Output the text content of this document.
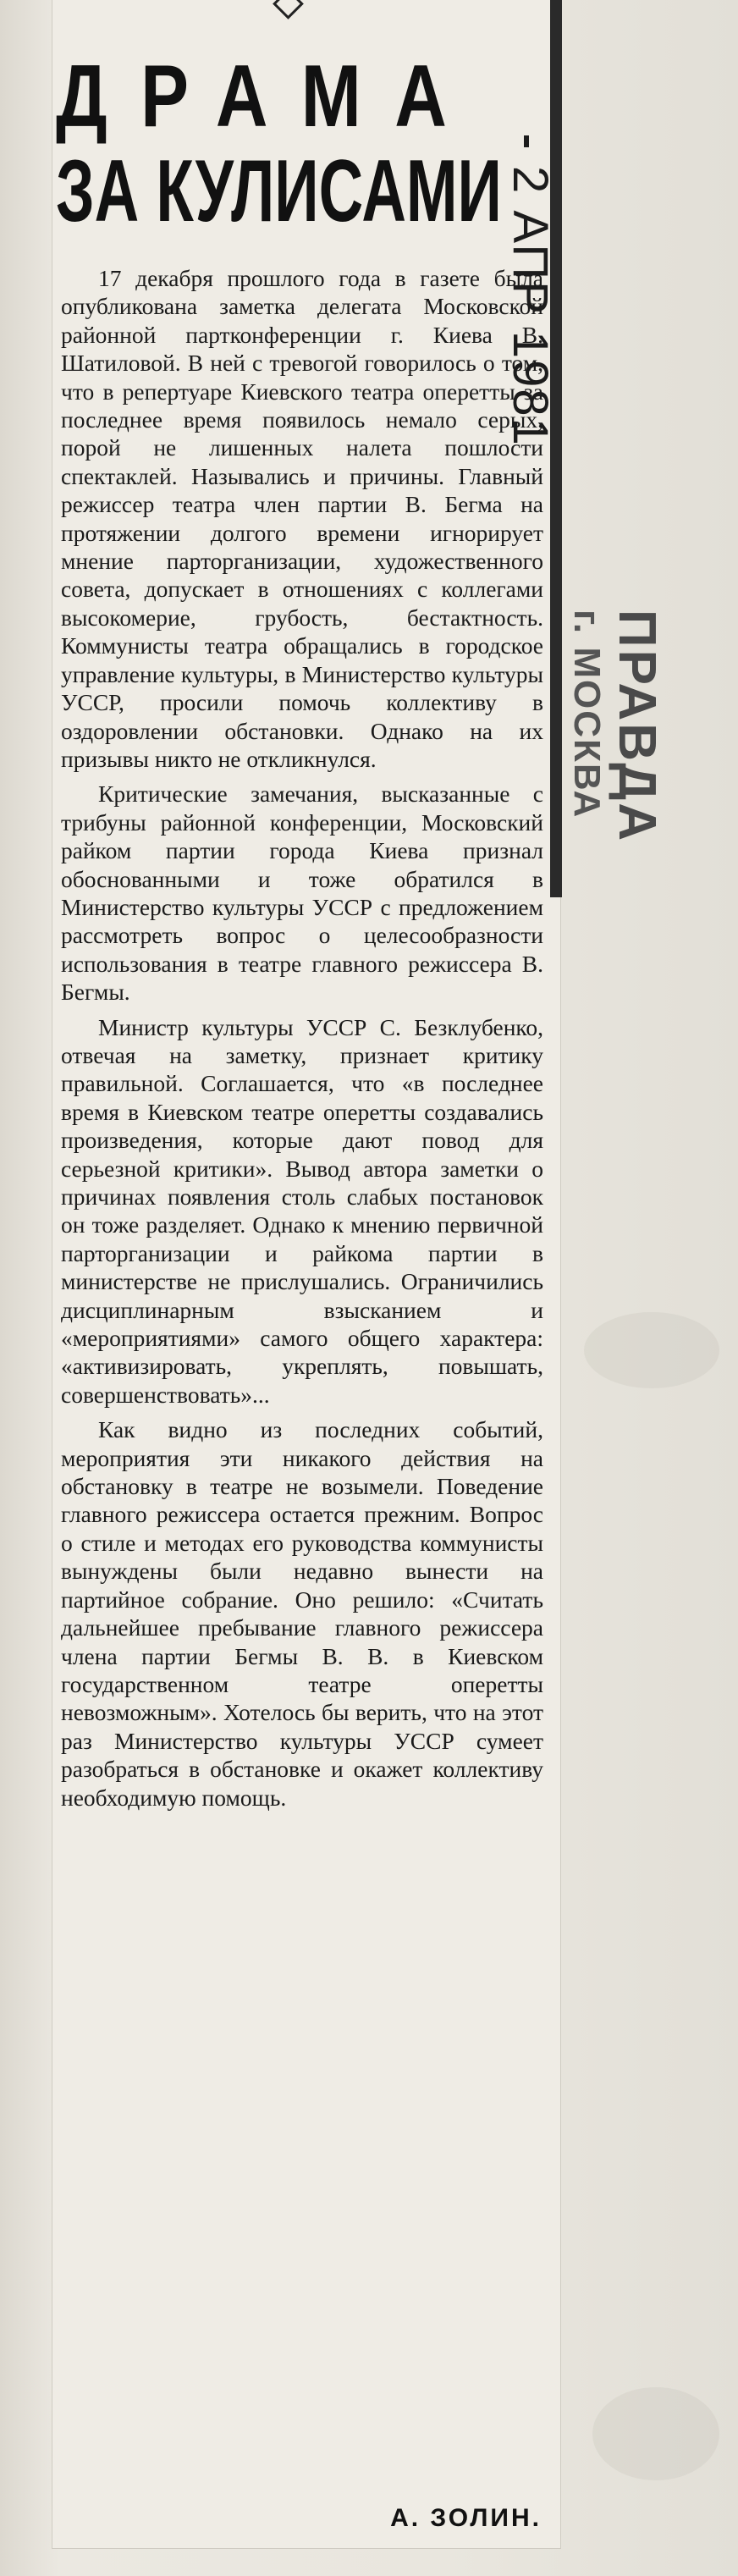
ДРАМА
ЗА КУЛИСАМИ

17 декабря прошлого года в газете была опубликована заметка делегата Московской районной партконференции г. Киева В. Шатиловой. В ней с тревогой говорилось о том, что в репертуаре Киевского театра оперетты за последнее время появилось немало серых, порой не лишенных налета пошлости спектаклей. Назывались и причины. Главный режиссер театра член партии В. Бегма на протяжении долгого времени игнорирует мнение парторганизации, художественного совета, допускает в отношениях с коллегами высокомерие, грубость, бестактность. Коммунисты театра обращались в городское управление культуры, в Министерство культуры УССР, просили помочь коллективу в оздоровлении обстановки. Однако на их призывы никто не откликнулся.

Критические замечания, высказанные с трибуны районной конференции, Московский райком партии города Киева признал обоснованными и тоже обратился в Министерство культуры УССР с предложением рассмотреть вопрос о целесообразности использования в театре главного режиссера В. Бегмы.

Министр культуры УССР С. Безклубенко, отвечая на заметку, признает критику правильной. Соглашается, что «в последнее время в Киевском театре оперетты создавались произведения, которые дают повод для серьезной критики». Вывод автора заметки о причинах появления столь слабых постановок он тоже разделяет. Однако к мнению первичной парторганизации и райкома партии в министерстве не прислушались. Ограничились дисциплинарным взысканием и «мероприятиями» самого общего характера: «активизировать, укреплять, повышать, совершенствовать»...

Как видно из последних событий, мероприятия эти никакого действия на обстановку в театре не возымели. Поведение главного режиссера остается прежним. Вопрос о стиле и методах его руководства коммунисты вынуждены были недавно вынести на партийное собрание. Оно решило: «Считать дальнейшее пребывание главного режиссера члена партии Бегмы В. В. в Киевском государственном театре оперетты невозможным». Хотелось бы верить, что на этот раз Министерство культуры УССР сумеет разобраться в обстановке и окажет коллективу необходимую помощь.

А. ЗОЛИН.
2 АПР 1981
ПРАВДА
г. МОСКВА
